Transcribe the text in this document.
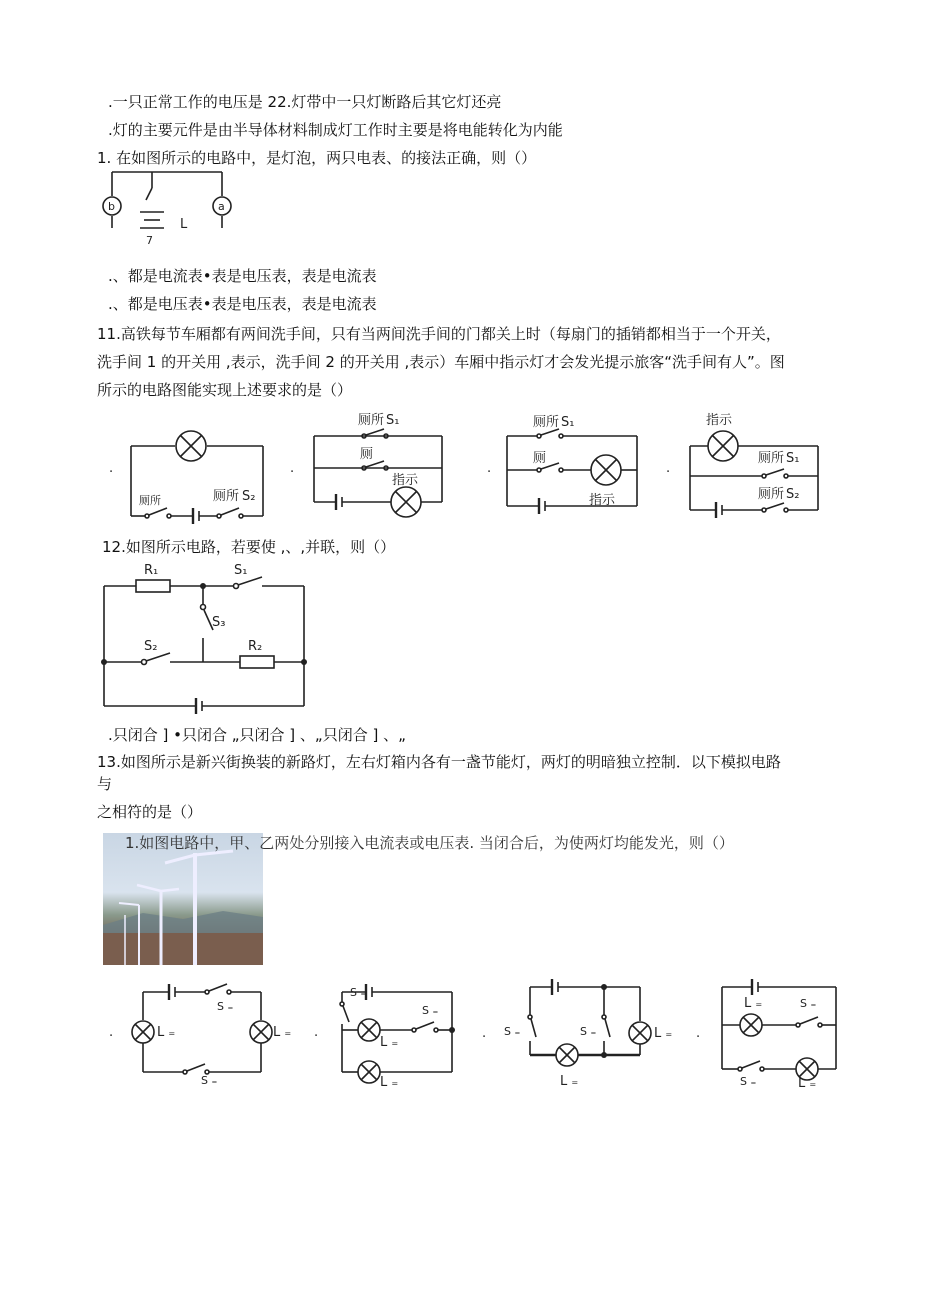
.一只正常工作的电压是 22.灯带中一只灯断路后其它灯还亮
.灯的主要元件是由半导体材料制成灯工作时主要是将电能转化为内能
1. 在如图所示的电路中，是灯泡，两只电表、的接法正确，则（）
b	a
L
7
.、都是电流表•表是电压表，表是电流表
.、都是电压表•表是电压表，表是电流表
11.高铁每节车厢都有两间洗手间，只有当两间洗手间的门都关上时（每扇门的插销都相当于一个开关，
洗手间 1 的开关用 ,表示，洗手间 2 的开关用 ,表示）车厢中指示灯才会发光提示旅客“洗手间有人”。图
所示的电路图能实现上述要求的是（）
.
厕所	厕所 S₂
.
厕所 S₁
厕
指示
.
厕所 S₁
厕
指示
.
指示
厕所 S₁
厕所 S₂
12.如图所示电路，若要使 ,、,并联，则（）
R₁	S₁
S₃
S₂	R₂
.只闭合 ] •只闭合 „只闭合 ] 、„只闭合 ] 、„
13.如图所示是新兴街换装的新路灯，左右灯箱内各有一盏节能灯，两灯的明暗独立控制．以下模拟电路
与
之相符的是（）
1.如图电路中，甲、乙两处分别接入电流表或电压表. 当闭合后，为使两灯均能发光，则（）
.
S ₌
L ₌	L ₌
S ₌
.
S ₌
L ₌
S ₌
L ₌
. S ₌	S ₌	L ₌
L ₌
.
L ₌	S ₌
S ₌	L ₌
